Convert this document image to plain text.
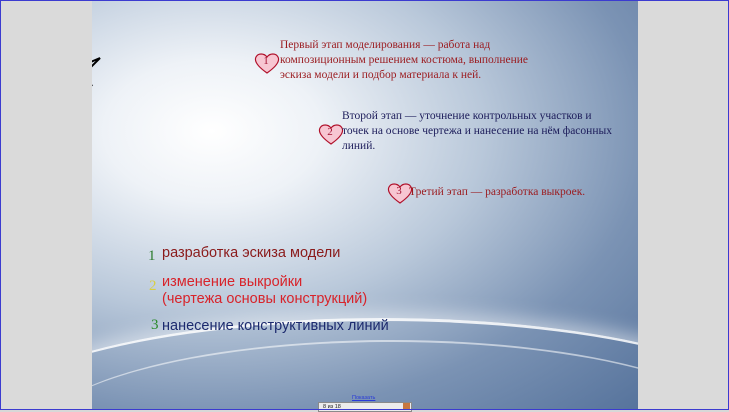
1
Первый этап моделирования — работа над композиционным решением костюма, выполнение эскиза модели и подбор материала к ней.
2
Второй этап — уточнение контрольных участков и точек на основе чертежа и нанесение на нём фасонных линий.
3 Третий этап — разработка выкроек.
1 разработка эскиза модели
2 изменение выкройки
(чертежа основы конструкций)
3 нанесение конструктивных линий
Показать
8 из 18
